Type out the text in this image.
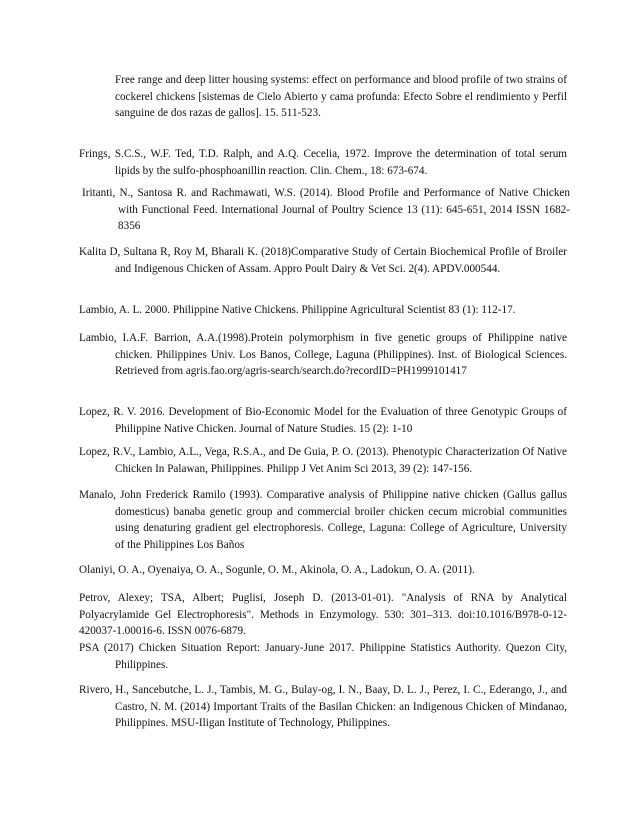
Free range and deep litter housing systems: effect on performance and blood profile of two strains of cockerel chickens [sistemas de Cielo Abierto y cama profunda: Efecto Sobre el rendimiento y Perfil sanguine de dos razas de gallos]. 15. 511-523.

Frings, S.C.S., W.F. Ted, T.D. Ralph, and A.Q. Cecelia, 1972. Improve the determination of total serum lipids by the sulfo-phosphoanillin reaction. Clin. Chem., 18: 673-674.

Iritanti, N., Santosa R. and Rachmawati, W.S. (2014). Blood Profile and Performance of Native Chicken with Functional Feed. International Journal of Poultry Science 13 (11): 645-651, 2014 ISSN 1682-8356

Kalita D, Sultana R, Roy M, Bharali K. (2018)Comparative Study of Certain Biochemical Profile of Broiler and Indigenous Chicken of Assam. Appro Poult Dairy & Vet Sci. 2(4). APDV.000544.

Lambio, A. L. 2000. Philippine Native Chickens. Philippine Agricultural Scientist 83 (1): 112-17.

Lambio, I.A.F. Barrion, A.A.(1998).Protein polymorphism in five genetic groups of Philippine native chicken. Philippines Univ. Los Banos, College, Laguna (Philippines). Inst. of Biological Sciences. Retrieved from agris.fao.org/agris-search/search.do?recordID=PH1999101417

Lopez, R. V. 2016. Development of Bio-Economic Model for the Evaluation of three Genotypic Groups of Philippine Native Chicken. Journal of Nature Studies. 15 (2): 1-10

Lopez, R.V., Lambio, A.L., Vega, R.S.A., and De Guia, P. O. (2013). Phenotypic Characterization Of Native Chicken In Palawan, Philippines. Philipp J Vet Anim Sci 2013, 39 (2): 147-156.

Manalo, John Frederick Ramilo (1993). Comparative analysis of Philippine native chicken (Gallus gallus domesticus) banaba genetic group and commercial broiler chicken cecum microbial communities using denaturing gradient gel electrophoresis. College, Laguna: College of Agriculture, University of the Philippines Los Baños

Olaniyi, O. A., Oyenaiya, O. A., Sogunle, O. M., Akinola, O. A., Ladokun, O. A. (2011).

Petrov, Alexey; TSA, Albert; Puglisi, Joseph D. (2013-01-01). "Analysis of RNA by Analytical Polyacrylamide Gel Electrophoresis". Methods in Enzymology. 530: 301–313. doi:10.1016/B978-0-12-420037-1.00016-6. ISSN 0076-6879.

PSA (2017) Chicken Situation Report: January-June 2017. Philippine Statistics Authority. Quezon City, Philippines.

Rivero, H., Sancebutche, L. J., Tambis, M. G., Bulay-og, I. N., Baay, D. L. J., Perez, I. C., Ederango, J., and Castro, N. M. (2014) Important Traits of the Basilan Chicken: an Indigenous Chicken of Mindanao, Philippines. MSU-Iligan Institute of Technology, Philippines.
